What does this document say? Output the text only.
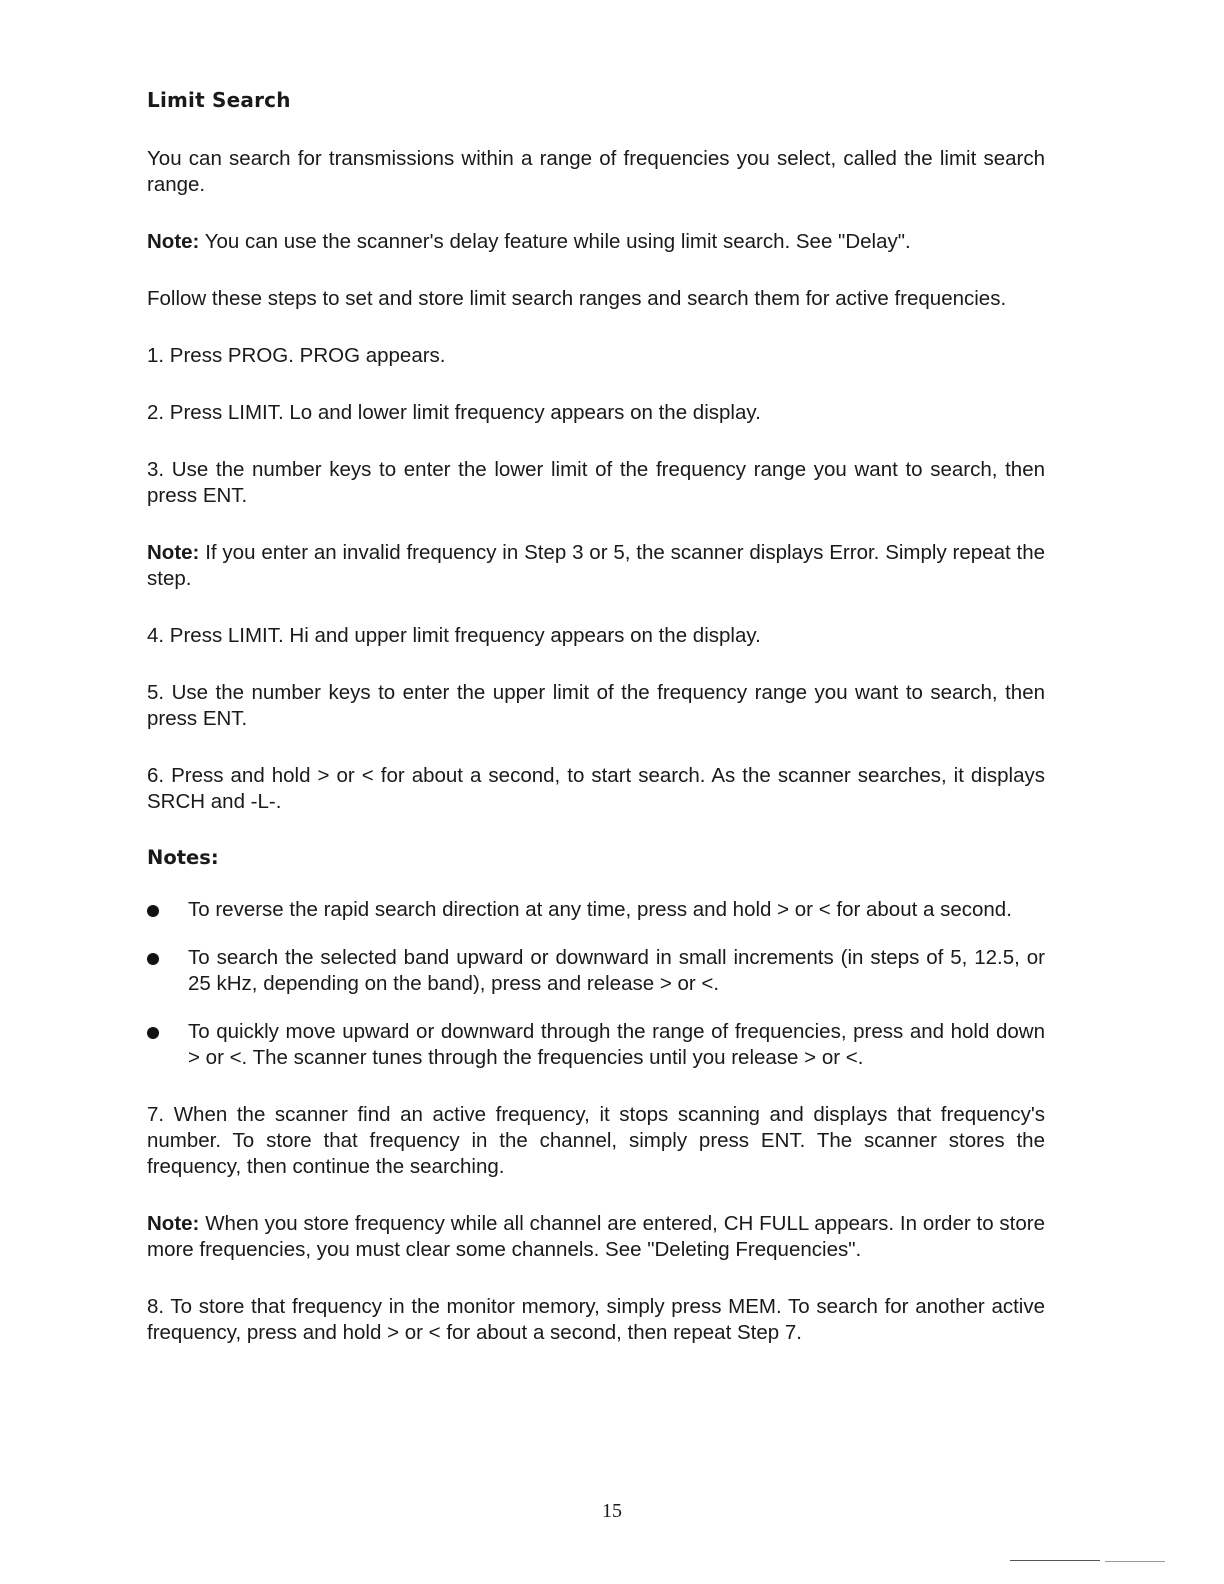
Limit Search

You can search for transmissions within a range of frequencies you select, called the limit search range.

Note: You can use the scanner's delay feature while using limit search. See "Delay".

Follow these steps to set and store limit search ranges and search them for active frequencies.

1. Press PROG. PROG appears.

2. Press LIMIT. Lo and lower limit frequency appears on the display.

3. Use the number keys to enter the lower limit of the frequency range you want to search, then press ENT.

Note: If you enter an invalid frequency in Step 3 or 5, the scanner displays Error. Simply repeat the step.

4. Press LIMIT. Hi and upper limit frequency appears on the display.

5. Use the number keys to enter the upper limit of the frequency range you want to search, then press ENT.

6. Press and hold > or < for about a second, to start search. As the scanner searches, it displays SRCH and -L-.

Notes:
To reverse the rapid search direction at any time, press and hold > or < for about a second.
To search the selected band upward or downward in small increments (in steps of 5, 12.5, or 25 kHz, depending on the band), press and release > or <.
To quickly move upward or downward through the range of frequencies, press and hold down > or <. The scanner tunes through the frequencies until you release > or <.

7. When the scanner find an active frequency, it stops scanning and displays that frequency's number. To store that frequency in the channel, simply press ENT. The scanner stores the frequency, then continue the searching.

Note: When you store frequency while all channel are entered, CH FULL appears. In order to store more frequencies, you must clear some channels. See "Deleting Frequencies".

8. To store that frequency in the monitor memory, simply press MEM. To search for another active frequency, press and hold > or < for about a second, then repeat Step 7.

15
